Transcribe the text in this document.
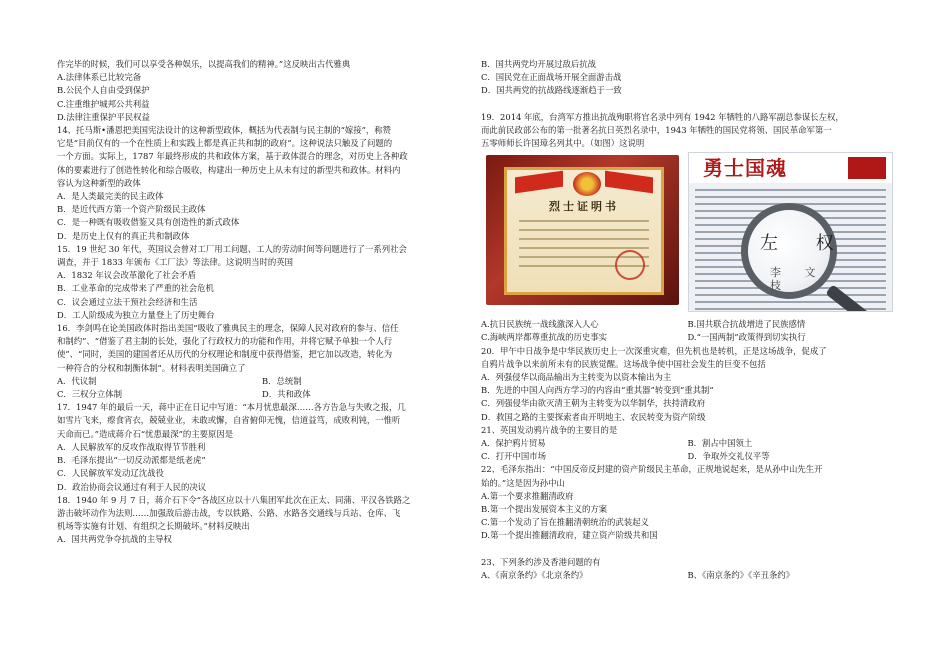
作完毕的时候，我们可以享受各种娱乐，以提高我们的精神。”这反映出古代雅典
A.法律体系已比较完备
B.公民个人自由受到保护
C.注重维护城邦公共利益
D.法律注重保护平民权益
14、托马斯•潘恩把美国宪法设计的这种新型政体，概括为代表制与民主制的“嫁接”，称赞
它是“目前仅有的一个在性质上和实践上都是真正共和制的政府”。这种说法只触及了问题的
一个方面。实际上，1787 年最终形成的共和政体方案，基于政体混合的理念，对历史上各种政
体的要素进行了创造性转化和综合吸收，构建出一种历史上从未有过的新型共和政体。材料内
容认为这种新型的政体
A．是人类最完美的民主政体
B．是近代西方第一个资产阶级民主政体
C．是一种既有吸收借鉴又具有创造性的新式政体
D．是历史上仅有的真正共和制政体
15．19 世纪 30 年代，英国议会曾对工厂用工问题、工人的劳动时间等问题进行了一系列社会
调查，并于 1833 年颁布《工厂法》等法律。这说明当时的英国
A．1832 年议会改革激化了社会矛盾
B．工业革命的完成带来了严重的社会危机
C．议会通过立法干预社会经济和生活
D．工人阶级成为独立力量登上了历史舞台
16．李剑鸣在论美国政体时指出美国“吸收了雅典民主的理念，保障人民对政府的参与、信任
和制约”、“借鉴了君主制的长处，强化了行政权力的功能和作用，并将它赋予单独一个人行
使”、“同时，美国的建国者还从历代的分权理论和制度中获得借鉴，把它加以改造，转化为
一种符合的分权和制衡体制”。材料表明美国确立了
A．代议制	B．总统制
C．三权分立体制	D．共和政体
17．1947 年的最后一天，蒋中正在日记中写道：“本月忧患最深……各方告急与失败之报，几
如雪片飞来，瘵食宵衣，兢兢业业，未敢或懈，自省俯仰无愧，信道益笃，成败利钝，一惟听
天命而已。”造成蒋介石“忧患最深”的主要原因是
A．人民解放军的反攻作战取得节节胜利
B．毛泽东提出“一切反动派都是纸老虎”
C．人民解放军发动辽沈战役
D．政治协商会议通过有利于人民的决议
18．1940 年 9 月 7 日，蒋介石下令“各战区应以十八集团军此次在正太、同蒲、平汉各铁路之
游击破坏动作为法则……加强敌后游击战，专以铁路、公路、水路各交通线与兵站、仓库、飞
机场等实施有计划、有组织之长期破坏。”材料反映出
A．国共两党争夺抗战的主导权
B．国共两党均开展过敌后抗战
C．国民党在正面战场开展全面游击战
D．国共两党的抗战路线逐渐趋于一致
19．2014 年底，台湾军方推出抗战殉职将官名录中列有 1942 年牺牲的八路军副总参谋长左权，
而此前民政部公布的第一批著名抗日英烈名录中，1943 年牺牲的国民党将领、国民革命军第一
五零师师长许国璋名列其中。（如图）这说明
烈士证明书
勇士国魂
左 权
李 文 枝
A.抗日民族统一战线激深入人心	B.国共联合抗战增进了民族感情
C.海峡两岸都尊重抗战的历史事实	D.“一国两制”政策得到切实执行
20．甲午中日战争是中华民族历史上一次深重灾难，但先机也是转机，正是这场战争，促成了
自鸦片战争以来前所未有的民族觉醒。这场战争使中国社会发生的巨变不包括
A．列强侵华以商品输出为主转变为以资本输出为主
B．先进的中国人向西方学习的内容由“重其器”转变到“重其制”
C．列强侵华由欲灭清王朝为主转变为以华制华，扶持清政府
D．救国之路的主要探索者由开明地主、农民转变为资产阶级
21、英国发动鸦片战争的主要目的是
A．保护鸦片贸易	B．割占中国领土
C．打开中国市场	D．争取外交礼仪平等
22、毛泽东指出：“中国反帝反封建的资产阶级民主革命，正规地说起来，是从孙中山先生开
始的。”这是因为孙中山
A.第一个要求推翻清政府
B.第一个提出发展资本主义的方案
C.第一个发动了旨在推翻清朝统治的武装起义
D.第一个提出推翻清政府，建立资产阶级共和国
23、下列条约涉及香港问题的有
A、《南京条约》《北京条约》	B、《南京条约》《辛丑条约》
